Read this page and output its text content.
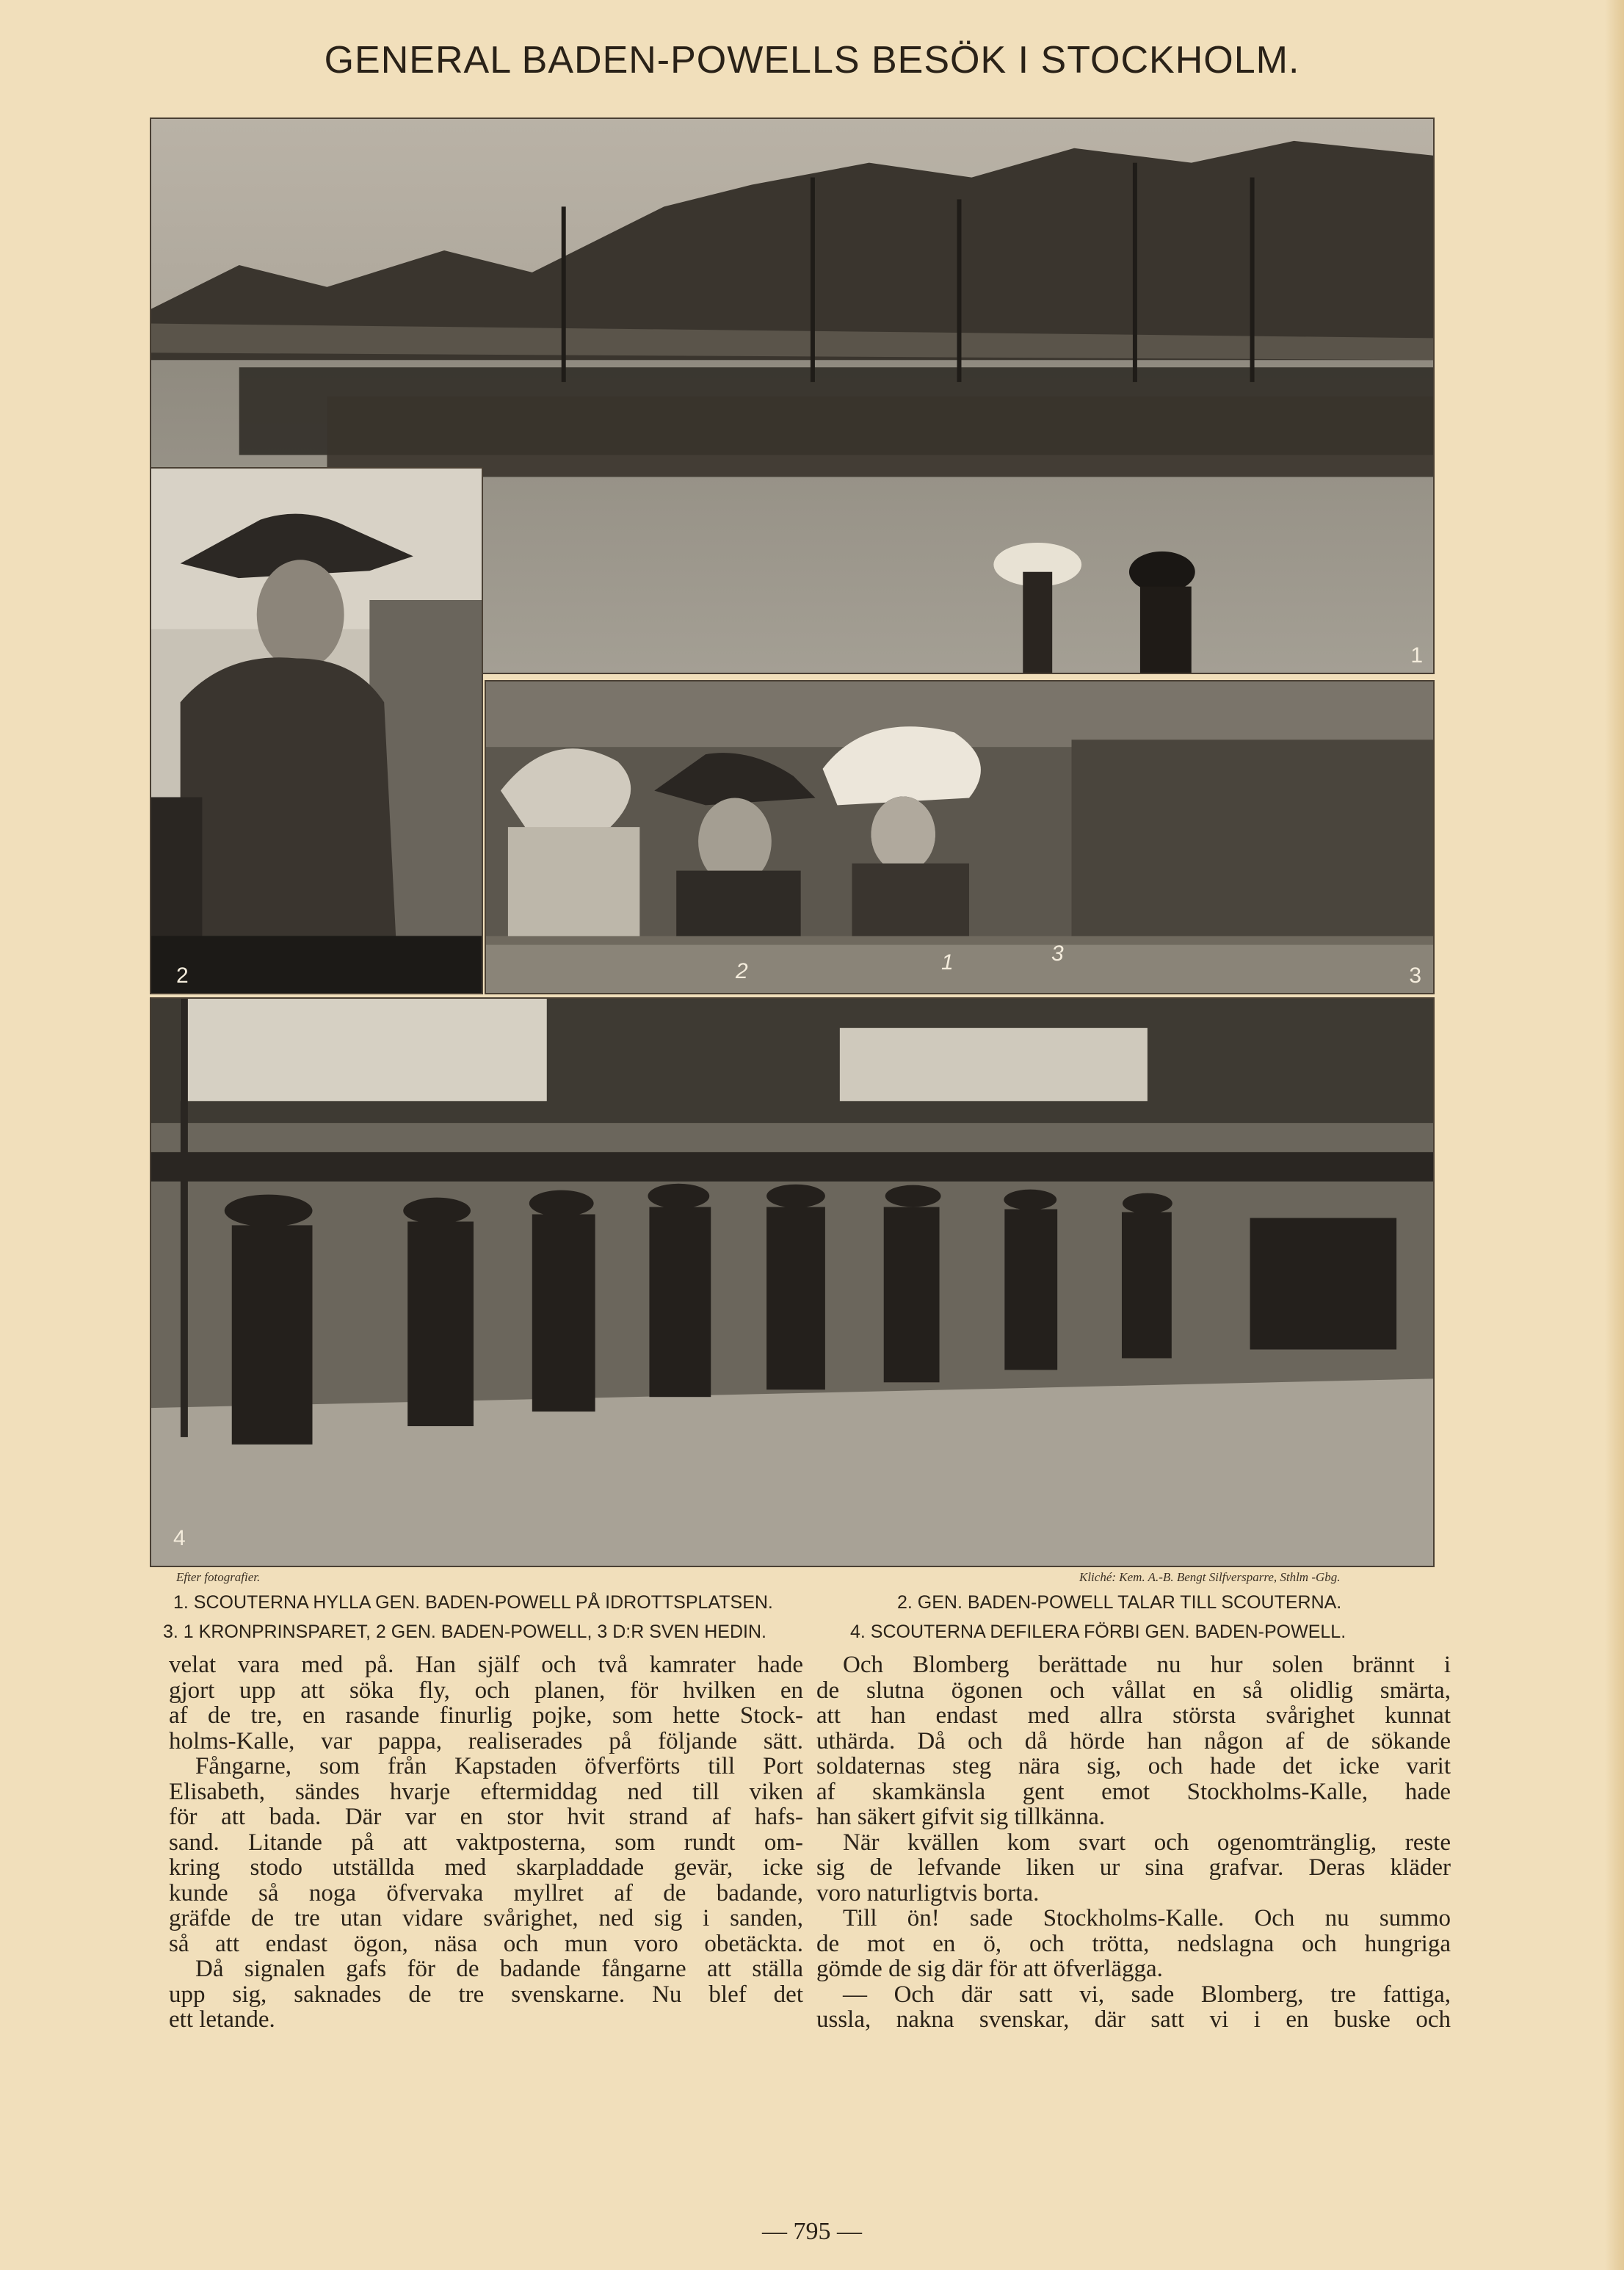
GENERAL BADEN-POWELLS BESÖK I STOCKHOLM.
1
2	2	1	3
3
4
Efter fotografier.	Kliché: Kem. A.-B. Bengt Silfversparre, Sthlm -Gbg.
1. SCOUTERNA HYLLA GEN. BADEN-POWELL PÅ IDROTTSPLATSEN.	2. GEN. BADEN-POWELL TALAR TILL SCOUTERNA.
3. 1 KRONPRINSPARET, 2 GEN. BADEN-POWELL, 3 D:R SVEN HEDIN.	4. SCOUTERNA DEFILERA FÖRBI GEN. BADEN-POWELL.
velat vara med på. Han själf och två kamrater hade
gjort upp att söka fly, och planen, för hvilken en
af de tre, en rasande finurlig pojke, som hette Stock-
holms-Kalle, var pappa, realiserades på följande sätt.
Fångarne, som från Kapstaden öfverförts till Port
Elisabeth, sändes hvarje eftermiddag ned till viken
för att bada. Där var en stor hvit strand af hafs-
sand. Litande på att vaktposterna, som rundt om-
kring stodo utställda med skarpladdade gevär, icke
kunde så noga öfvervaka myllret af de badande,
gräfde de tre utan vidare svårighet, ned sig i sanden,
så att endast ögon, näsa och mun voro obetäckta.
Då signalen gafs för de badande fångarne att ställa
upp sig, saknades de tre svenskarne. Nu blef det
ett letande.
Och Blomberg berättade nu hur solen brännt i
de slutna ögonen och vållat en så olidlig smärta,
att han endast med allra största svårighet kunnat
uthärda. Då och då hörde han någon af de sökande
soldaternas steg nära sig, och hade det icke varit
af skamkänsla gent emot Stockholms-Kalle, hade
han säkert gifvit sig tillkänna.
När kvällen kom svart och ogenomtränglig, reste
sig de lefvande liken ur sina grafvar. Deras kläder
voro naturligtvis borta.
Till ön! sade Stockholms-Kalle. Och nu summo
de mot en ö, och trötta, nedslagna och hungriga
gömde de sig där för att öfverlägga.
— Och där satt vi, sade Blomberg, tre fattiga,
ussla, nakna svenskar, där satt vi i en buske och
— 795 —
